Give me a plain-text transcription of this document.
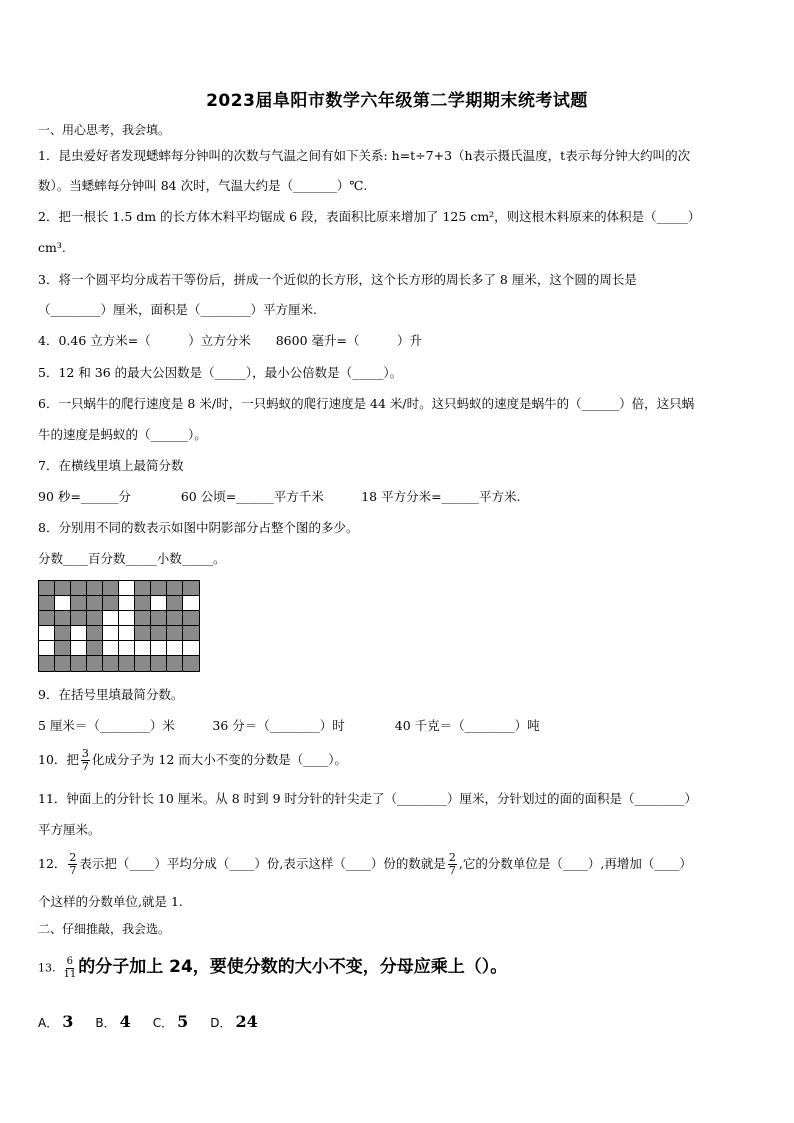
2023届阜阳市数学六年级第二学期期末统考试题
一、用心思考，我会填。
1．昆虫爱好者发现蟋蟀每分钟叫的次数与气温之间有如下关系: h=t÷7+3（h表示摄氏温度，t表示每分钟大约叫的次
数）。当蟋蟀每分钟叫 84 次时，气温大约是（_______）℃.
2．把一根长 1.5 dm 的长方体木料平均锯成 6 段，表面积比原来增加了 125 cm²，则这根木料原来的体积是（_____）
cm³.
3．将一个圆平均分成若干等份后，拼成一个近似的长方形，这个长方形的周长多了 8 厘米，这个圆的周长是
（________）厘米，面积是（________）平方厘米.
4．0.46 立方米=（　　　）立方分米　　8600 毫升=（　　　）升
5．12 和 36 的最大公因数是（_____），最小公倍数是（_____）。
6．一只蜗牛的爬行速度是 8 米/时，一只蚂蚁的爬行速度是 44 米/时。这只蚂蚁的速度是蜗牛的（______）倍，这只蜗
牛的速度是蚂蚁的（______）。
7．在横线里填上最简分数
90 秒=______分　　　　60 公顷=______平方千米　　　18 平方分米=______平方米.
8．分别用不同的数表示如图中阴影部分占整个图的多少。
分数____百分数_____小数_____。
9．在括号里填最简分数。
5 厘米＝（________）米　　　36 分＝（________）时　　　　40 千克＝（________）吨
10．把 $\frac{3}{7}$ 化成分子为 12 而大小不变的分数是（____）。
11．钟面上的分针长 10 厘米。从 8 时到 9 时分针的针尖走了（________）厘米，分针划过的面的面积是（________）
平方厘米。
12． $\frac{2}{7}$ 表示把（____）平均分成（____）份,表示这样（____）份的数就是 $\frac{2}{7}$ ,它的分数单位是（____）,再增加（____）
个这样的分数单位,就是 1.
二、仔细推敲，我会选。
13. $\frac{6}{11}$ 的分子加上 24，要使分数的大小不变，分母应乘上（）。
A． 3 B． 4 C． 5 D． 24
